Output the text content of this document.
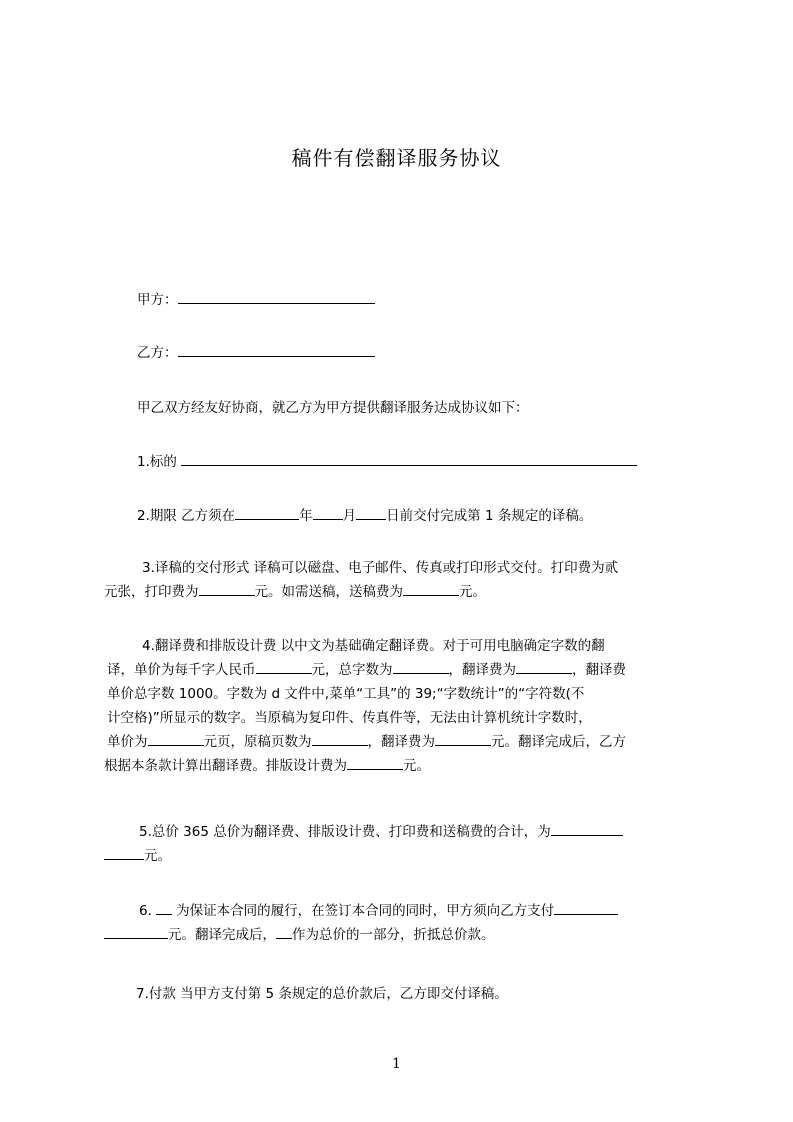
稿件有偿翻译服务协议
甲方：
乙方：
甲乙双方经友好协商，就乙方为甲方提供翻译服务达成协议如下：
1.标的
2.期限 乙方须在	年 月 日前交付完成第 1 条规定的译稿。
3.译稿的交付形式 译稿可以磁盘、电子邮件、传真或打印形式交付。打印费为贰
元张，打印费为	元。如需送稿，送稿费为	元。
4.翻译费和排版设计费 以中文为基础确定翻译费。对于可用电脑确定字数的翻
译，单价为每千字人民币	元，总字数为	，翻译费为	，翻译费
单价总字数 1000。字数为 d 文件中,菜单“工具”的 39;“字数统计”的“字符数(不
计空格)”所显示的数字。当原稿为复印件、传真件等，无法由计算机统计字数时，
单价为	元页，原稿页数为	，翻译费为	元。翻译完成后，乙方
根据本条款计算出翻译费。排版设计费为	元。
5.总价 365 总价为翻译费、排版设计费、打印费和送稿费的合计，为
元。
6. 为保证本合同的履行，在签订本合同的同时，甲方须向乙方支付
元。翻译完成后， 作为总价的一部分，折抵总价款。
7.付款 当甲方支付第 5 条规定的总价款后，乙方即交付译稿。
1
